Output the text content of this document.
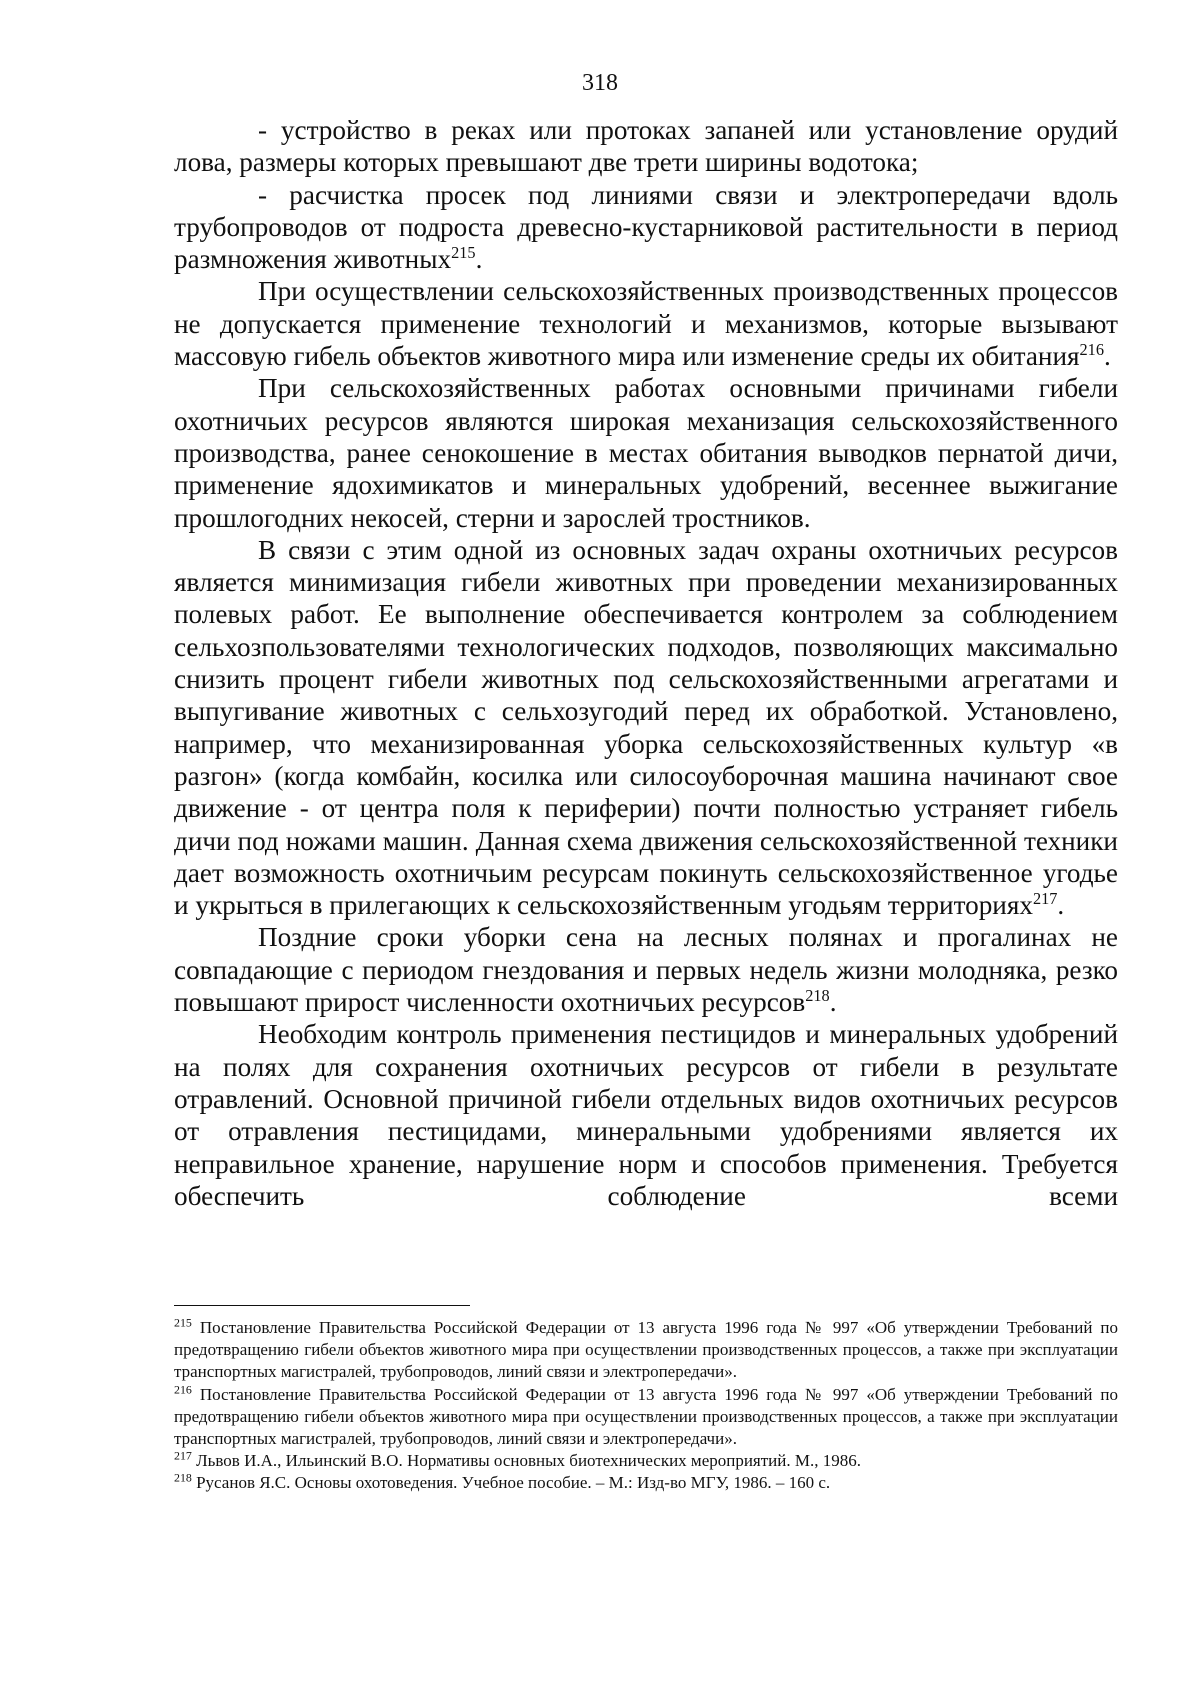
318

- устройство в реках или протоках запаней или установление орудий лова, размеры которых превышают две трети ширины водотока;

- расчистка просек под линиями связи и электропередачи вдоль трубопроводов от подроста древесно-кустарниковой растительности в период размножения животных$^{215}$.

При осуществлении сельскохозяйственных производственных процессов не допускается применение технологий и механизмов, которые вызывают массовую гибель объектов животного мира или изменение среды их обитания$^{216}$.

При сельскохозяйственных работах основными причинами гибели охотничьих ресурсов являются широкая механизация сельскохозяйственного производства, ранее сенокошение в местах обитания выводков пернатой дичи, применение ядохимикатов и минеральных удобрений, весеннее выжигание прошлогодних некосей, стерни и зарослей тростников.

В связи с этим одной из основных задач охраны охотничьих ресурсов является минимизация гибели животных при проведении механизированных полевых работ. Ее выполнение обеспечивается контролем за соблюдением сельхозпользователями технологических подходов, позволяющих максимально снизить процент гибели животных под сельскохозяйственными агрегатами и выпугивание животных с сельхозугодий перед их обработкой. Установлено, например, что механизированная уборка сельскохозяйственных культур «в разгон» (когда комбайн, косилка или силосоуборочная машина начинают свое движение - от центра поля к периферии) почти полностью устраняет гибель дичи под ножами машин. Данная схема движения сельскохозяйственной техники дает возможность охотничьим ресурсам покинуть сельскохозяйственное угодье и укрыться в прилегающих к сельскохозяйственным угодьям территориях$^{217}$.

Поздние сроки уборки сена на лесных полянах и прогалинах не совпадающие с периодом гнездования и первых недель жизни молодняка, резко повышают прирост численности охотничьих ресурсов$^{218}$.

Необходим контроль применения пестицидов и минеральных удобрений на полях для сохранения охотничьих ресурсов от гибели в результате отравлений. Основной причиной гибели отдельных видов охотничьих ресурсов от отравления пестицидами, минеральными удобрениями является их неправильное хранение, нарушение норм и способов применения. Требуется обеспечить соблюдение всеми

$^{215}$ Постановление Правительства Российской Федерации от 13 августа 1996 года № 997 «Об утверждении Требований по предотвращению гибели объектов животного мира при осуществлении производственных процессов, а также при эксплуатации транспортных магистралей, трубопроводов, линий связи и электропередачи».

$^{216}$ Постановление Правительства Российской Федерации от 13 августа 1996 года № 997 «Об утверждении Требований по предотвращению гибели объектов животного мира при осуществлении производственных процессов, а также при эксплуатации транспортных магистралей, трубопроводов, линий связи и электропередачи».

$^{217}$ Львов И.А., Ильинский В.О. Нормативы основных биотехнических мероприятий. М., 1986.

$^{218}$ Русанов Я.С. Основы охотоведения. Учебное пособие. – М.: Изд-во МГУ, 1986. – 160 с.
